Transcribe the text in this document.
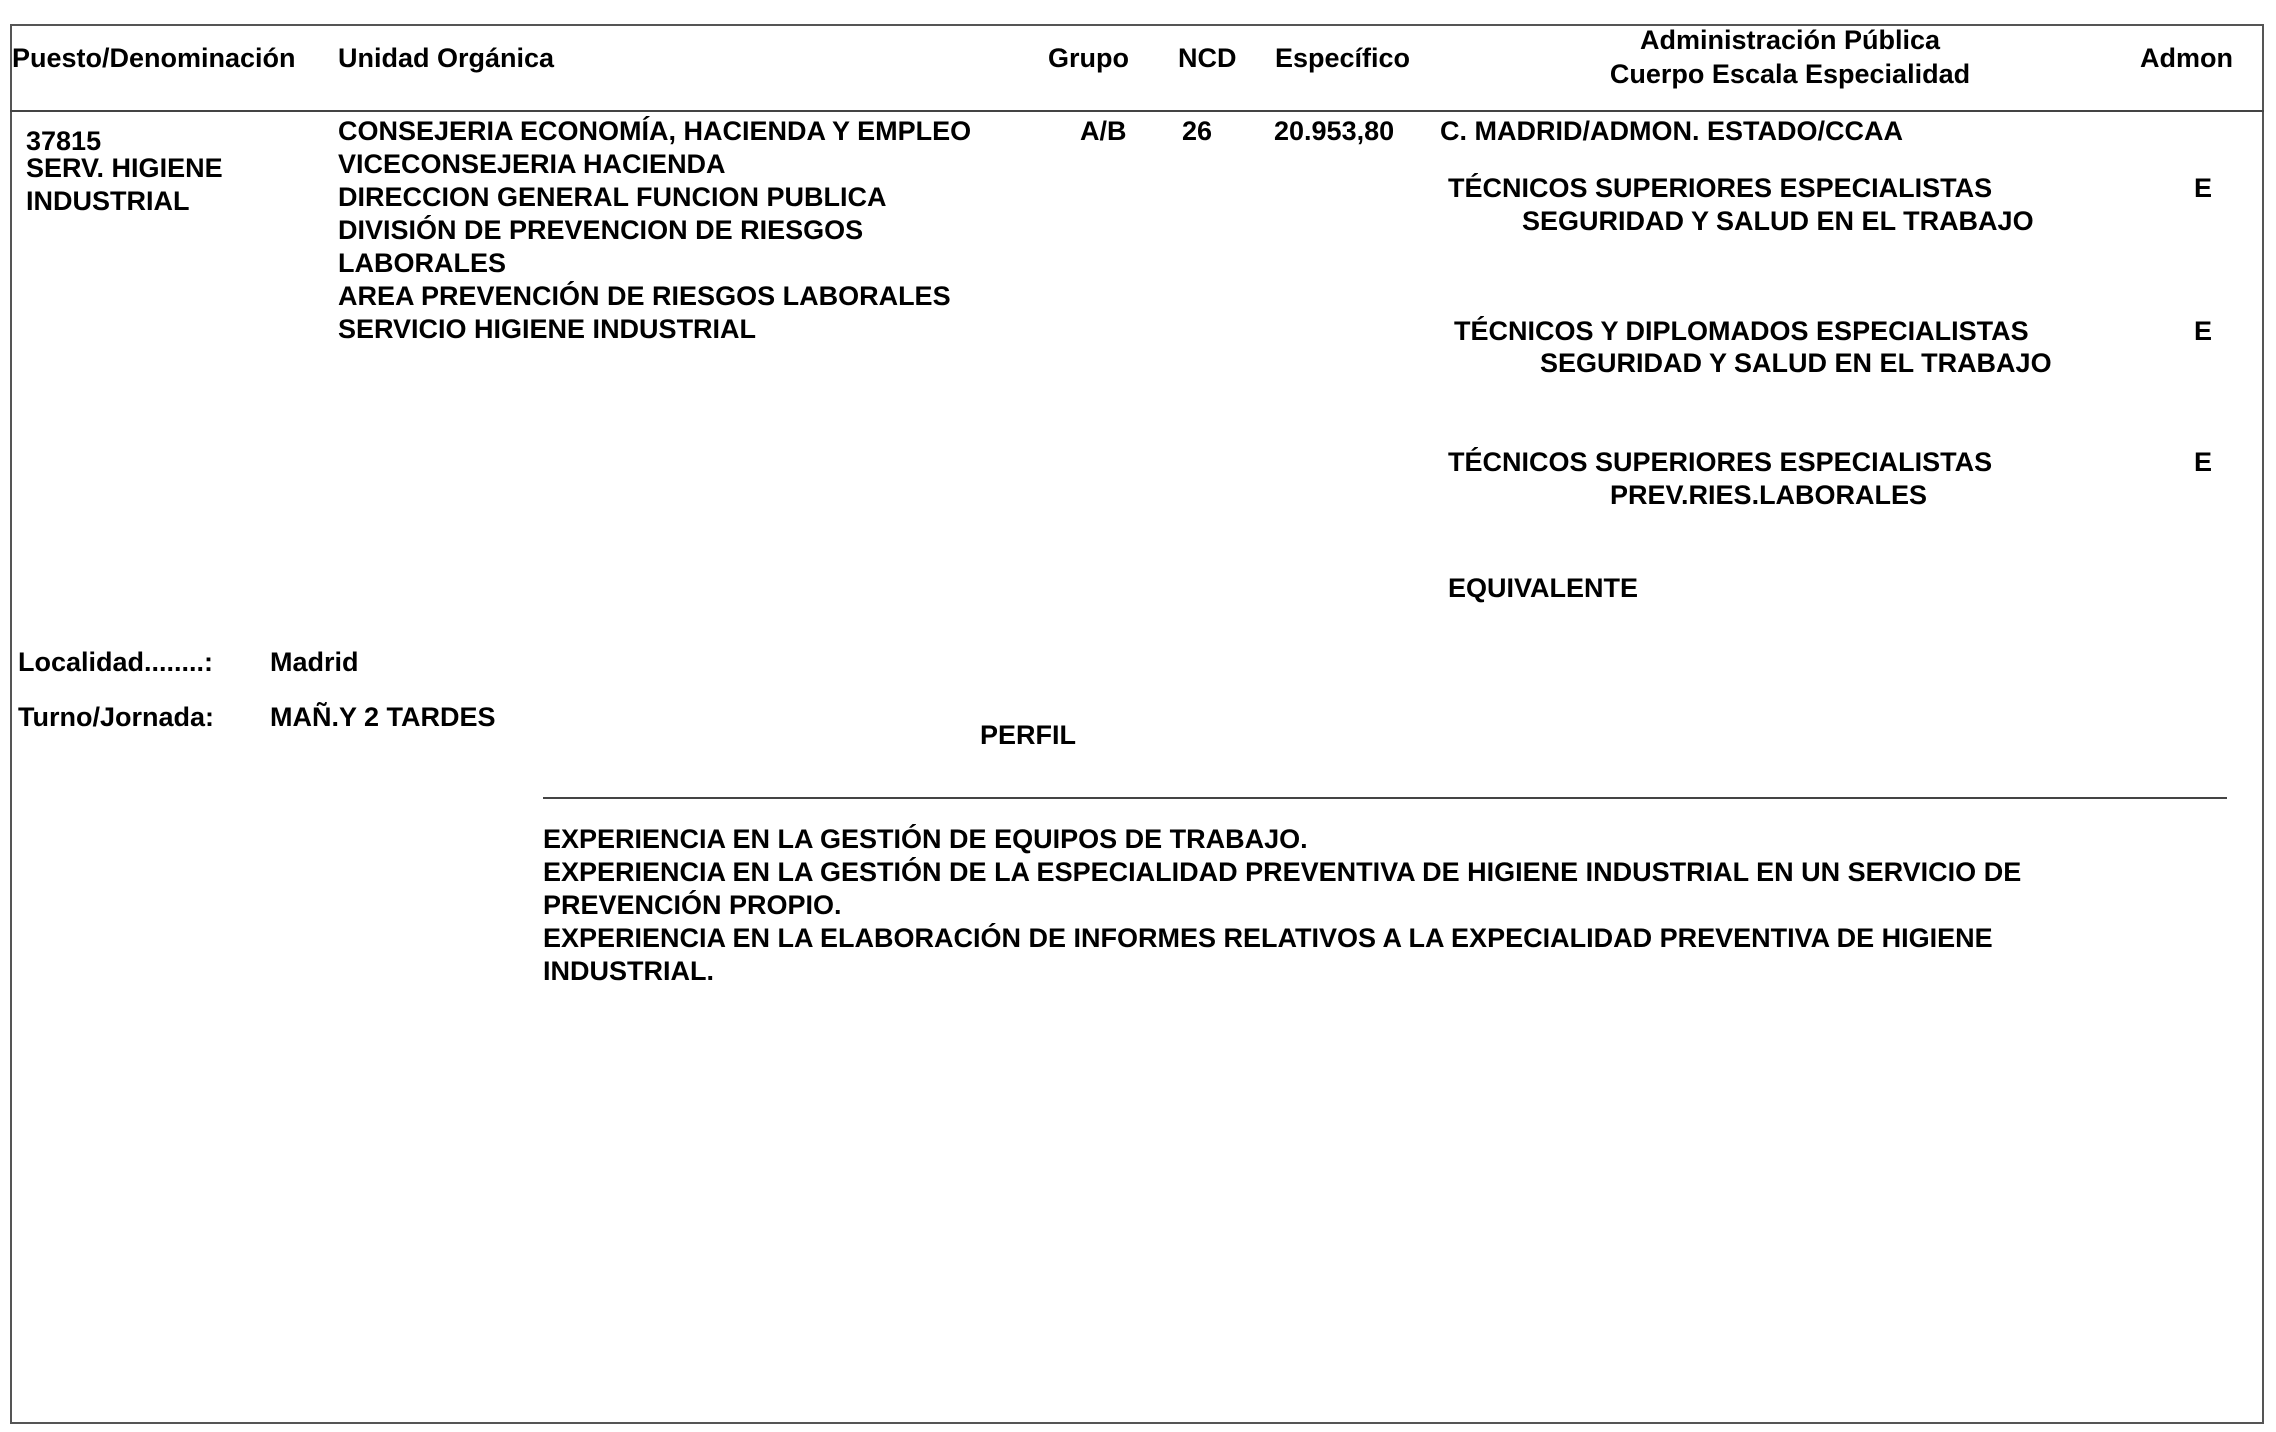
Puesto/Denominación Unidad Orgánica	Grupo NCD Específico
Administración Pública
Cuerpo Escala Especialidad
Admon
37815
SERV. HIGIENE
INDUSTRIAL
CONSEJERIA ECONOMÍA, HACIENDA Y EMPLEO
VICECONSEJERIA HACIENDA
DIRECCION GENERAL FUNCION PUBLICA
DIVISIÓN DE PREVENCION DE RIESGOS
LABORALES
AREA PREVENCIÓN DE RIESGOS LABORALES
SERVICIO HIGIENE INDUSTRIAL
A/B 26 20.953,80 C. MADRID/ADMON. ESTADO/CCAA
TÉCNICOS SUPERIORES ESPECIALISTAS
SEGURIDAD Y SALUD EN EL TRABAJO
E
TÉCNICOS Y DIPLOMADOS ESPECIALISTAS
SEGURIDAD Y SALUD EN EL TRABAJO
E
TÉCNICOS SUPERIORES ESPECIALISTAS
PREV.RIES.LABORALES
E
EQUIVALENTE
Localidad........: Madrid
Turno/Jornada: MAÑ.Y 2 TARDES
PERFIL
EXPERIENCIA EN LA GESTIÓN DE EQUIPOS DE TRABAJO.
EXPERIENCIA EN LA GESTIÓN DE LA ESPECIALIDAD PREVENTIVA DE HIGIENE INDUSTRIAL EN UN SERVICIO DE
PREVENCIÓN PROPIO.
EXPERIENCIA EN LA ELABORACIÓN DE INFORMES RELATIVOS A LA EXPECIALIDAD PREVENTIVA DE HIGIENE
INDUSTRIAL.
